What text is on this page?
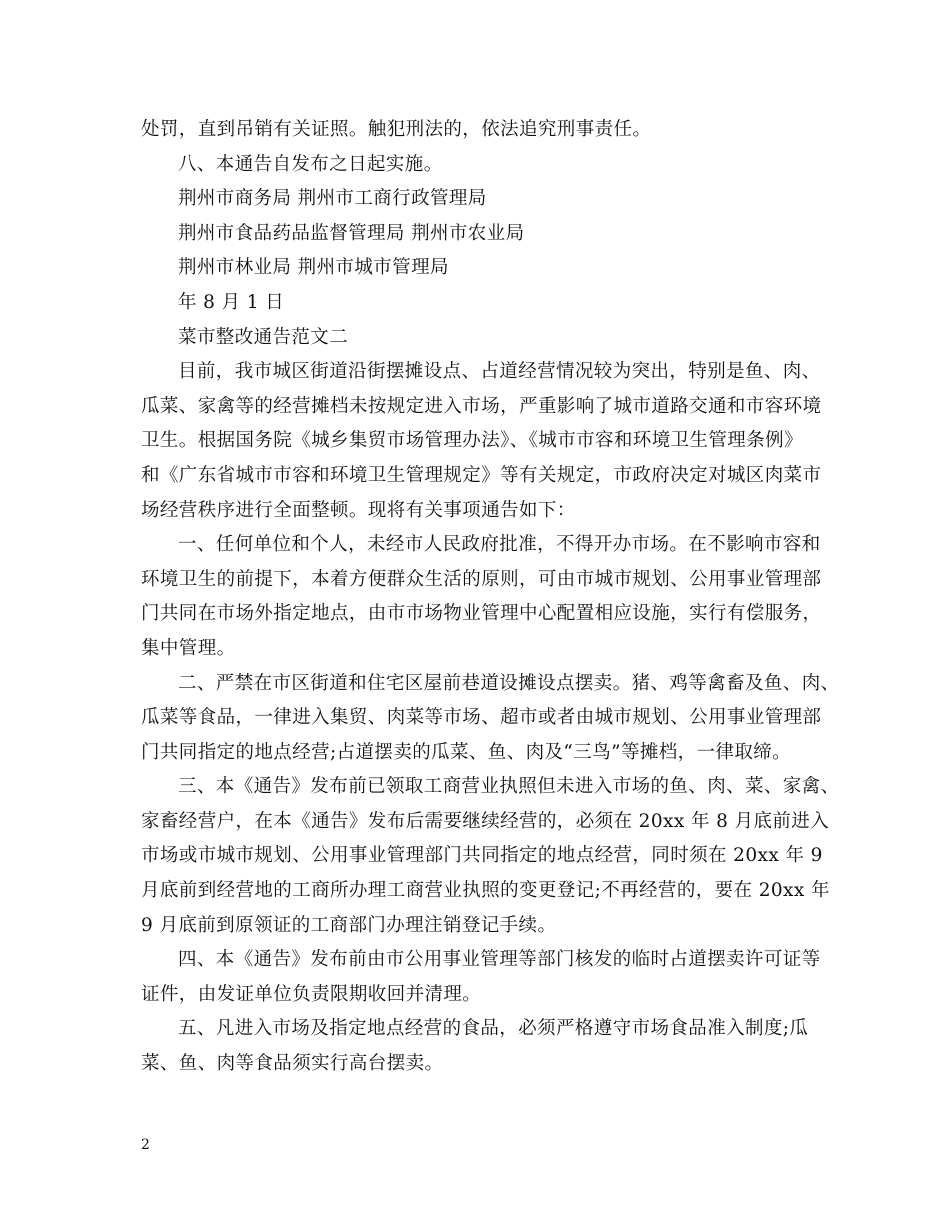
处罚，直到吊销有关证照。触犯刑法的，依法追究刑事责任。
八、本通告自发布之日起实施。
荆州市商务局 荆州市工商行政管理局
荆州市食品药品监督管理局 荆州市农业局
荆州市林业局 荆州市城市管理局
年 8 月 1 日
菜市整改通告范文二
目前，我市城区街道沿街摆摊设点、占道经营情况较为突出，特别是鱼、肉、
瓜菜、家禽等的经营摊档未按规定进入市场，严重影响了城市道路交通和市容环境
卫生。根据国务院《城乡集贸市场管理办法》、《城市市容和环境卫生管理条例》
和《广东省城市市容和环境卫生管理规定》等有关规定，市政府决定对城区肉菜市
场经营秩序进行全面整顿。现将有关事项通告如下：
一、任何单位和个人，未经市人民政府批准，不得开办市场。在不影响市容和
环境卫生的前提下，本着方便群众生活的原则，可由市城市规划、公用事业管理部
门共同在市场外指定地点，由市市场物业管理中心配置相应设施，实行有偿服务，
集中管理。
二、严禁在市区街道和住宅区屋前巷道设摊设点摆卖。猪、鸡等禽畜及鱼、肉、
瓜菜等食品，一律进入集贸、肉菜等市场、超市或者由城市规划、公用事业管理部
门共同指定的地点经营;占道摆卖的瓜菜、鱼、肉及“三鸟”等摊档，一律取缔。
三、本《通告》发布前已领取工商营业执照但未进入市场的鱼、肉、菜、家禽、
家畜经营户，在本《通告》发布后需要继续经营的，必须在 20xx 年 8 月底前进入
市场或市城市规划、公用事业管理部门共同指定的地点经营，同时须在 20xx 年 9
月底前到经营地的工商所办理工商营业执照的变更登记;不再经营的，要在 20xx 年
9 月底前到原领证的工商部门办理注销登记手续。
四、本《通告》发布前由市公用事业管理等部门核发的临时占道摆卖许可证等
证件，由发证单位负责限期收回并清理。
五、凡进入市场及指定地点经营的食品，必须严格遵守市场食品准入制度;瓜
菜、鱼、肉等食品须实行高台摆卖。
2
